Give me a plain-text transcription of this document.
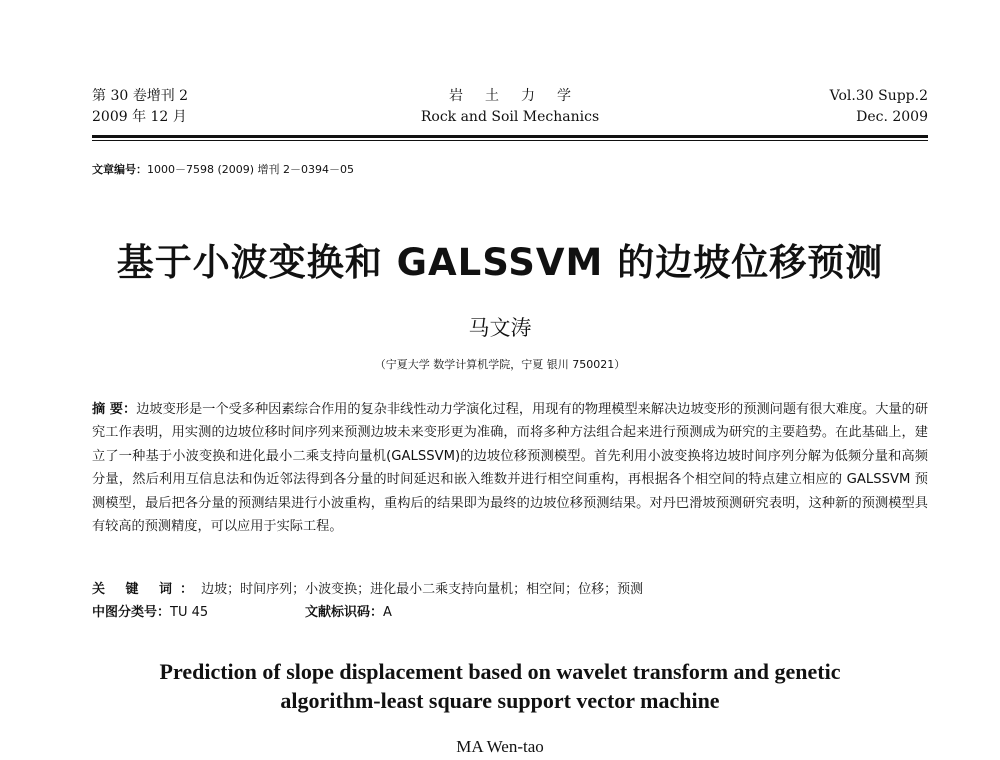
第 30 卷增刊 2
2009 年 12 月
岩土力学
Rock and Soil Mechanics
Vol.30 Supp.2
Dec. 2009
文章编号：1000－7598 (2009) 增刊 2－0394－05
基于小波变换和 GALSSVM 的边坡位移预测
马文涛
（宁夏大学 数学计算机学院，宁夏 银川 750021）
摘 要：边坡变形是一个受多种因素综合作用的复杂非线性动力学演化过程，用现有的物理模型来解决边坡变形的预测问题有很大难度。大量的研究工作表明，用实测的边坡位移时间序列来预测边坡未来变形更为准确，而将多种方法组合起来进行预测成为研究的主要趋势。在此基础上，建立了一种基于小波变换和进化最小二乘支持向量机(GALSSVM)的边坡位移预测模型。首先利用小波变换将边坡时间序列分解为低频分量和高频分量，然后利用互信息法和伪近邻法得到各分量的时间延迟和嵌入维数并进行相空间重构，再根据各个相空间的特点建立相应的 GALSSVM 预测模型，最后把各分量的预测结果进行小波重构，重构后的结果即为最终的边坡位移预测结果。对丹巴滑坡预测研究表明，这种新的预测模型具有较高的预测精度，可以应用于实际工程。
关 键 词：边坡；时间序列；小波变换；进化最小二乘支持向量机；相空间；位移；预测
中图分类号：TU 45	文献标识码：A
Prediction of slope displacement based on wavelet transform and genetic
algorithm-least square support vector machine
MA Wen-tao
